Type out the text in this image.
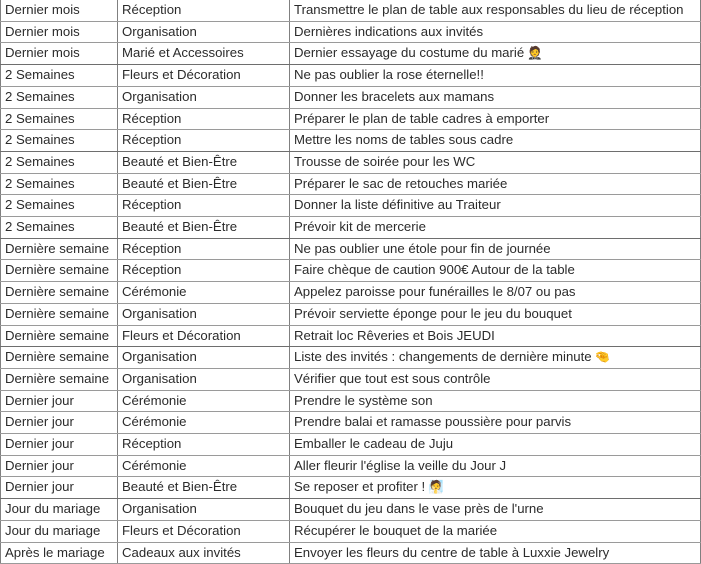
Dernier mois	Réception	Transmettre le plan de table aux responsables du lieu de réception
Dernier mois	Organisation	Dernières indications aux invités
Dernier mois	Marié et Accessoires	Dernier essayage du costume du marié 🤵
2 Semaines	Fleurs et Décoration	Ne pas oublier la rose éternelle!!
2 Semaines	Organisation	Donner les bracelets aux mamans
2 Semaines	Réception	Préparer le plan de table cadres à emporter
2 Semaines	Réception	Mettre les noms de tables sous cadre
2 Semaines	Beauté et Bien-Être	Trousse de soirée pour les WC
2 Semaines	Beauté et Bien-Être	Préparer le sac de retouches mariée
2 Semaines	Réception	Donner la liste définitive au Traiteur
2 Semaines	Beauté et Bien-Être	Prévoir kit de mercerie
Dernière semaine	Réception	Ne pas oublier une étole pour fin de journée
Dernière semaine	Réception	Faire chèque de caution 900€ Autour de la table
Dernière semaine	Cérémonie	Appelez paroisse pour funérailles le 8/07 ou pas
Dernière semaine	Organisation	Prévoir serviette éponge pour le jeu du bouquet
Dernière semaine	Fleurs et Décoration	Retrait loc Rêveries et Bois JEUDI
Dernière semaine	Organisation	Liste des invités : changements de dernière minute 🤏
Dernière semaine	Organisation	Vérifier que tout est sous contrôle
Dernier jour	Cérémonie	Prendre le système son
Dernier jour	Cérémonie	Prendre balai et ramasse poussière pour parvis
Dernier jour	Réception	Emballer le cadeau de Juju
Dernier jour	Cérémonie	Aller fleurir l'église la veille du Jour J
Dernier jour	Beauté et Bien-Être	Se reposer et profiter ! 🧖
Jour du mariage	Organisation	Bouquet du jeu dans le vase près de l'urne
Jour du mariage	Fleurs et Décoration	Récupérer le bouquet de la mariée
Après le mariage	Cadeaux aux invités	Envoyer les fleurs du centre de table à Luxxie Jewelry
